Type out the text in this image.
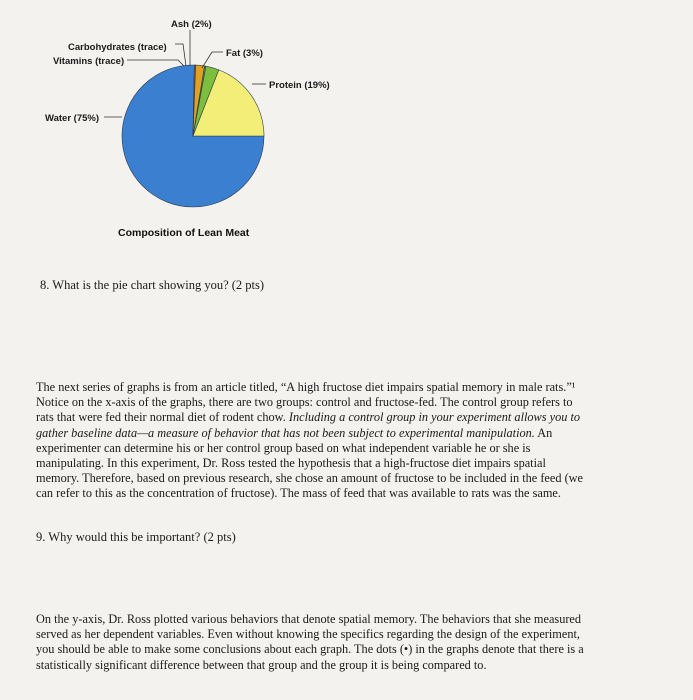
Ash (2%)
Carbohydrates (trace)
Vitamins (trace)
Fat (3%)
Protein (19%)
Water (75%)
Composition of Lean Meat
8. What is the pie chart showing you? (2 pts)
The next series of graphs is from an article titled, “A high fructose diet impairs spatial memory in male rats.”¹
Notice on the x-axis of the graphs, there are two groups: control and fructose-fed. The control group refers to
rats that were fed their normal diet of rodent chow. Including a control group in your experiment allows you to
gather baseline data—a measure of behavior that has not been subject to experimental manipulation. An
experimenter can determine his or her control group based on what independent variable he or she is
manipulating. In this experiment, Dr. Ross tested the hypothesis that a high-fructose diet impairs spatial
memory. Therefore, based on previous research, she chose an amount of fructose to be included in the feed (we
can refer to this as the concentration of fructose). The mass of feed that was available to rats was the same.
9. Why would this be important? (2 pts)
On the y-axis, Dr. Ross plotted various behaviors that denote spatial memory. The behaviors that she measured
served as her dependent variables. Even without knowing the specifics regarding the design of the experiment,
you should be able to make some conclusions about each graph. The dots (•) in the graphs denote that there is a
statistically significant difference between that group and the group it is being compared to.
